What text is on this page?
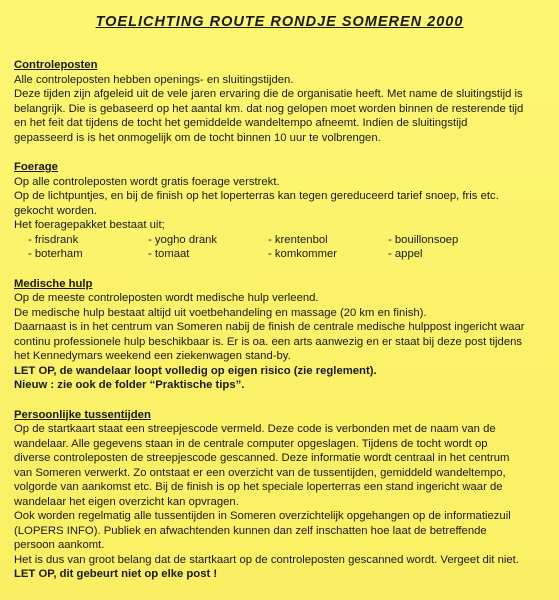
TOELICHTING ROUTE RONDJE SOMEREN 2000
Controleposten
Alle controleposten hebben openings- en sluitingstijden.
Deze tijden zijn afgeleid uit de vele jaren ervaring die de organisatie heeft. Met name de sluitingstijd is
belangrijk. Die is gebaseerd op het aantal km. dat nog gelopen moet worden binnen de resterende tijd
en het feit dat tijdens de tocht het gemiddelde wandeltempo afneemt. Indien de sluitingstijd
gepasseerd is is het onmogelijk om de tocht binnen 10 uur te volbrengen.
Foerage
Op alle controleposten wordt gratis foerage verstrekt.
Op de lichtpuntjes, en bij de finish op het loperterras kan tegen gereduceerd tarief snoep, fris etc.
gekocht worden.
Het foeragepakket bestaat uit;
- frisdrank	- yogho drank	- krentenbol	- bouillonsoep
- boterham	- tomaat	- komkommer	- appel
Medische hulp
Op de meeste controleposten wordt medische hulp verleend.
De medische hulp bestaat altijd uit voetbehandeling en massage (20 km en finish).
Daarnaast is in het centrum van Someren nabij de finish de centrale medische hulppost ingericht waar
continu professionele hulp beschikbaar is. Er is oa. een arts aanwezig en er staat bij deze post tijdens
het Kennedymars weekend een ziekenwagen stand-by.
LET OP, de wandelaar loopt volledig op eigen risico (zie reglement).
Nieuw : zie ook de folder “Praktische tips”.
Persoonlijke tussentijden
Op de startkaart staat een streepjescode vermeld. Deze code is verbonden met de naam van de
wandelaar. Alle gegevens staan in de centrale computer opgeslagen. Tijdens de tocht wordt op
diverse controleposten de streepjescode gescanned. Deze informatie wordt centraal in het centrum
van Someren verwerkt. Zo ontstaat er een overzicht van de tussentijden, gemiddeld wandeltempo,
volgorde van aankomst etc. Bij de finish is op het speciale loperterras een stand ingericht waar de
wandelaar het eigen overzicht kan opvragen.
Ook worden regelmatig alle tussentijden in Someren overzichtelijk opgehangen op de informatiezuil
(LOPERS INFO). Publiek en afwachtenden kunnen dan zelf inschatten hoe laat de betreffende
persoon aankomt.
Het is dus van groot belang dat de startkaart op de controleposten gescanned wordt. Vergeet dit niet.
LET OP, dit gebeurt niet op elke post !
